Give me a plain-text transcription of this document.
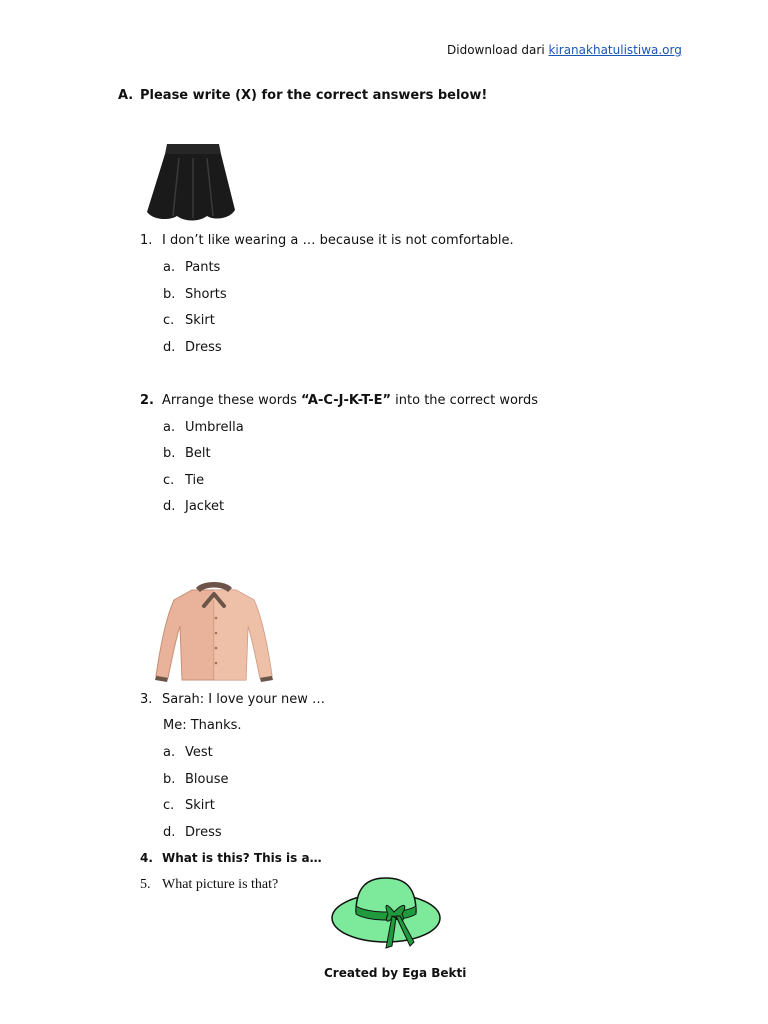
Didownload dari kiranakhatulistiwa.org
A. Please write (X) for the correct answers below!
1. I don’t like wearing a … because it is not comfortable.
a. Pants
b. Shorts
c. Skirt
d. Dress
2. Arrange these words “A-C-J-K-T-E” into the correct words
a. Umbrella
b. Belt
c. Tie
d. Jacket
3. Sarah: I love your new …
Me: Thanks.
a. Vest
b. Blouse
c. Skirt
d. Dress
4. What is this? This is a…
5. What picture is that?
Created by Ega Bekti
